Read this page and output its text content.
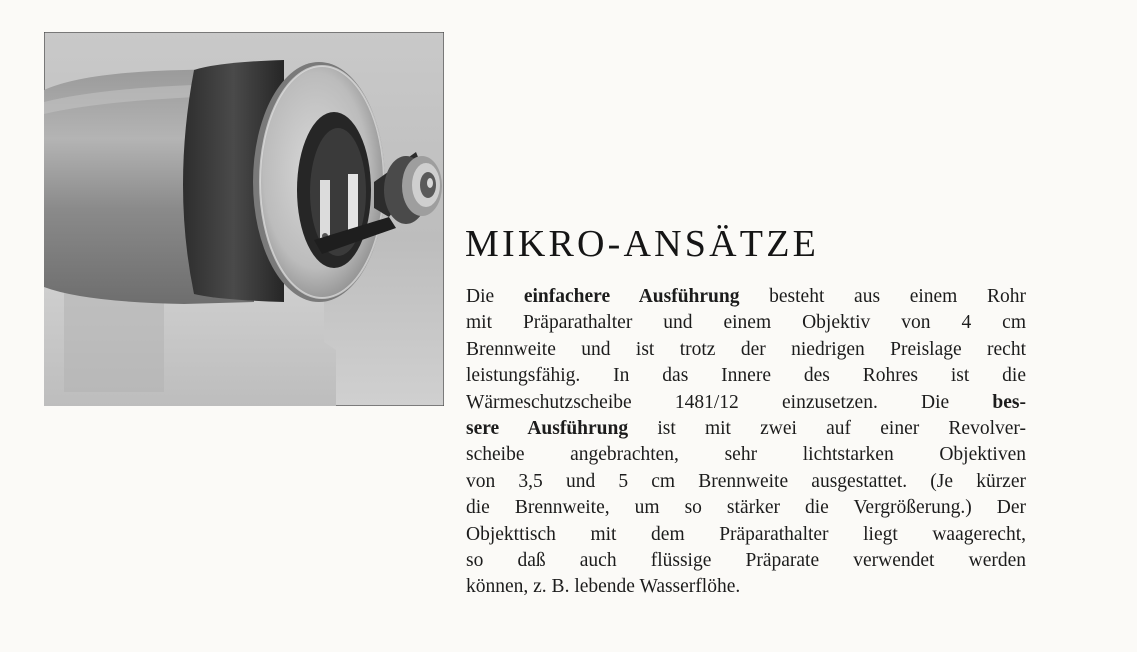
MIKRO-ANSÄTZE
Die einfachere Ausführung besteht aus einem Rohr
mit Präparathalter und einem Objektiv von 4 cm
Brennweite und ist trotz der niedrigen Preislage recht
leistungsfähig. In das Innere des Rohres ist die
Wärmeschutzscheibe 1481/12 einzusetzen. Die bes-
sere Ausführung ist mit zwei auf einer Revolver-
scheibe angebrachten, sehr lichtstarken Objektiven
von 3,5 und 5 cm Brennweite ausgestattet. (Je kürzer
die Brennweite, um so stärker die Vergrößerung.) Der
Objekttisch mit dem Präparathalter liegt waagerecht,
so daß auch flüssige Präparate verwendet werden
können, z. B. lebende Wasserflöhe.
